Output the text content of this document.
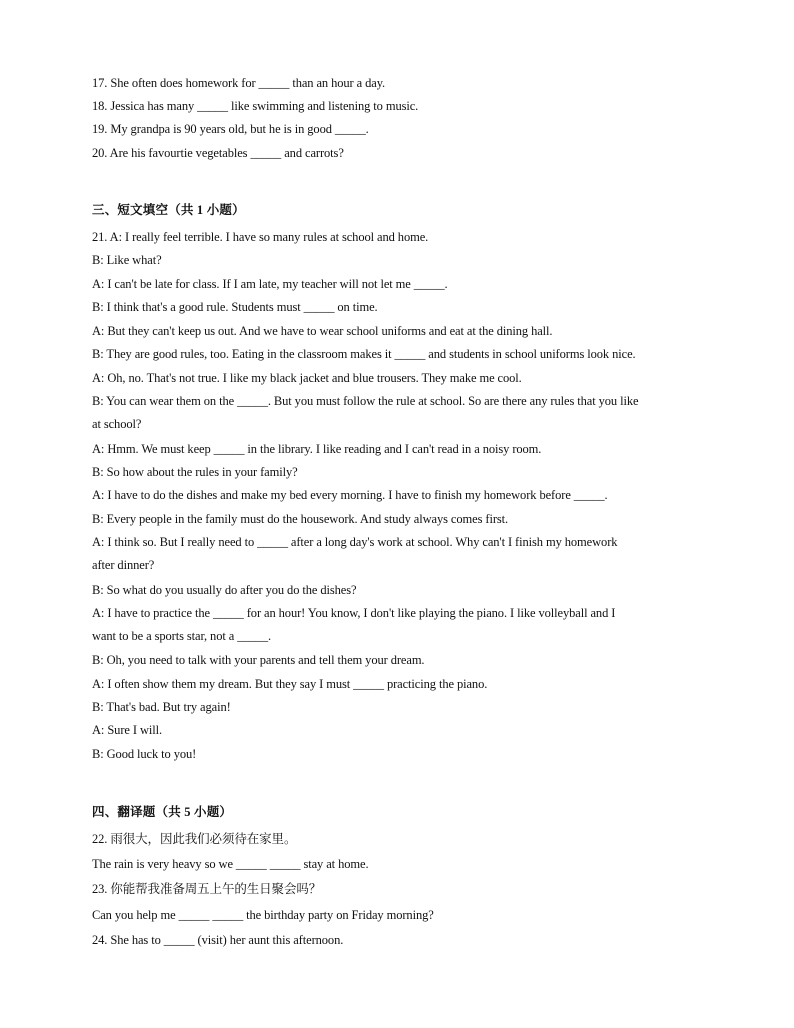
17. She often does homework for _____ than an hour a day.
18. Jessica has many _____ like swimming and listening to music.
19. My grandpa is 90 years old, but he is in good _____.
20. Are his favourtie vegetables _____ and carrots?
三、短文填空（共 1 小题）
21. A: I really feel terrible. I have so many rules at school and home.
B: Like what?
A: I can't be late for class. If I am late, my teacher will not let me _____.
B: I think that's a good rule. Students must _____ on time.
A: But they can't keep us out. And we have to wear school uniforms and eat at the dining hall.
B: They are good rules, too. Eating in the classroom makes it _____ and students in school uniforms look nice.
A: Oh, no. That's not true. I like my black jacket and blue trousers. They make me cool.
B: You can wear them on the _____. But you must follow the rule at school. So are there any rules that you like
at school?
A: Hmm. We must keep _____ in the library. I like reading and I can't read in a noisy room.
B: So how about the rules in your family?
A: I have to do the dishes and make my bed every morning. I have to finish my homework before _____.
B: Every people in the family must do the housework. And study always comes first.
A: I think so. But I really need to _____ after a long day's work at school. Why can't I finish my homework
after dinner?
B: So what do you usually do after you do the dishes?
A: I have to practice the _____ for an hour! You know, I don't like playing the piano. I like volleyball and I
want to be a sports star, not a _____.
B: Oh, you need to talk with your parents and tell them your dream.
A: I often show them my dream. But they say I must _____ practicing the piano.
B: That's bad. But try again!
A: Sure I will.
B: Good luck to you!
四、翻译题（共 5 小题）
22. 雨很大，因此我们必须待在家里。
The rain is very heavy so we _____ _____ stay at home.
23. 你能帮我准备周五上午的生日聚会吗？
Can you help me _____ _____ the birthday party on Friday morning?
24. She has to _____ (visit) her aunt this afternoon.
